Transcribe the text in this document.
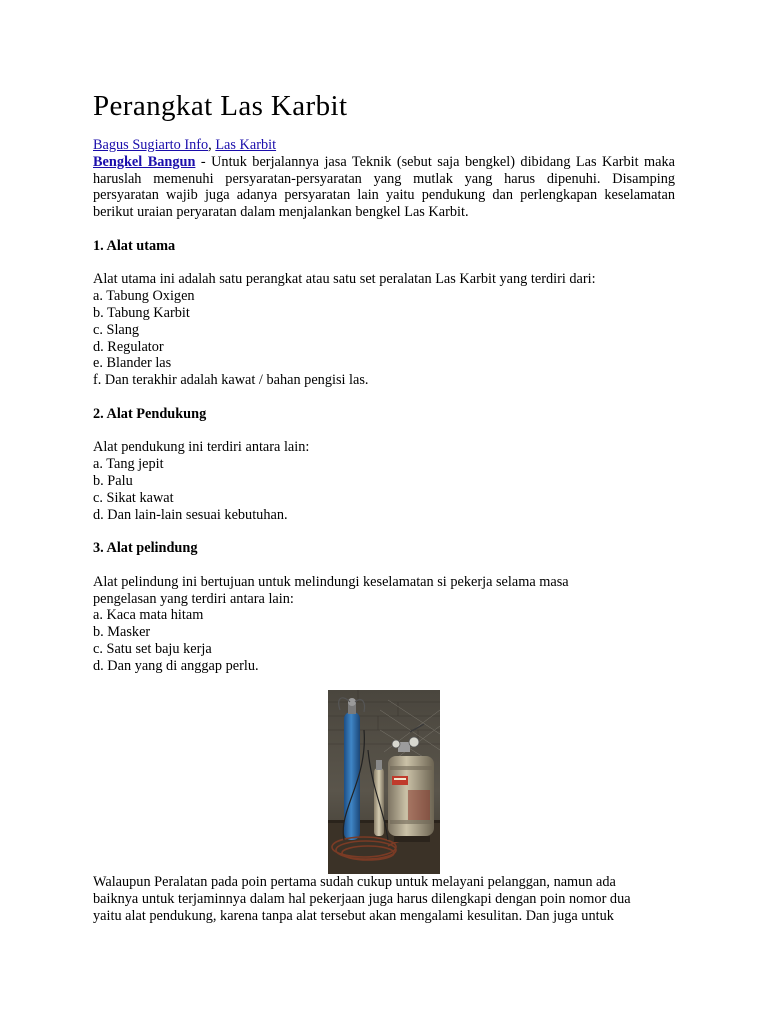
Perangkat Las Karbit
Bagus Sugiarto Info, Las Karbit
Bengkel Bangun - Untuk berjalannya jasa Teknik (sebut saja bengkel) dibidang Las Karbit maka haruslah memenuhi persyaratan-persyaratan yang mutlak yang harus dipenuhi. Disamping persyaratan wajib juga adanya persyaratan lain yaitu pendukung dan perlengkapan keselamatan berikut uraian peryaratan dalam menjalankan bengkel Las Karbit.
1. Alat utama
Alat utama ini adalah satu perangkat atau satu set peralatan Las Karbit yang terdiri dari:
a. Tabung Oxigen
b. Tabung Karbit
c. Slang
d. Regulator
e. Blander las
f. Dan terakhir adalah kawat / bahan pengisi las.
2. Alat Pendukung
Alat pendukung ini terdiri antara lain:
a. Tang jepit
b. Palu
c. Sikat kawat
d. Dan lain-lain sesuai kebutuhan.
3. Alat pelindung
Alat pelindung ini bertujuan untuk melindungi keselamatan si pekerja selama masa
pengelasan yang terdiri antara lain:
a. Kaca mata hitam
b. Masker
c. Satu set baju kerja
d. Dan yang di anggap perlu.
Walaupun Peralatan pada poin pertama sudah cukup untuk melayani pelanggan, namun ada
baiknya untuk terjaminnya dalam hal pekerjaan juga harus dilengkapi dengan poin nomor dua
yaitu alat pendukung, karena tanpa alat tersebut akan mengalami kesulitan. Dan juga untuk
